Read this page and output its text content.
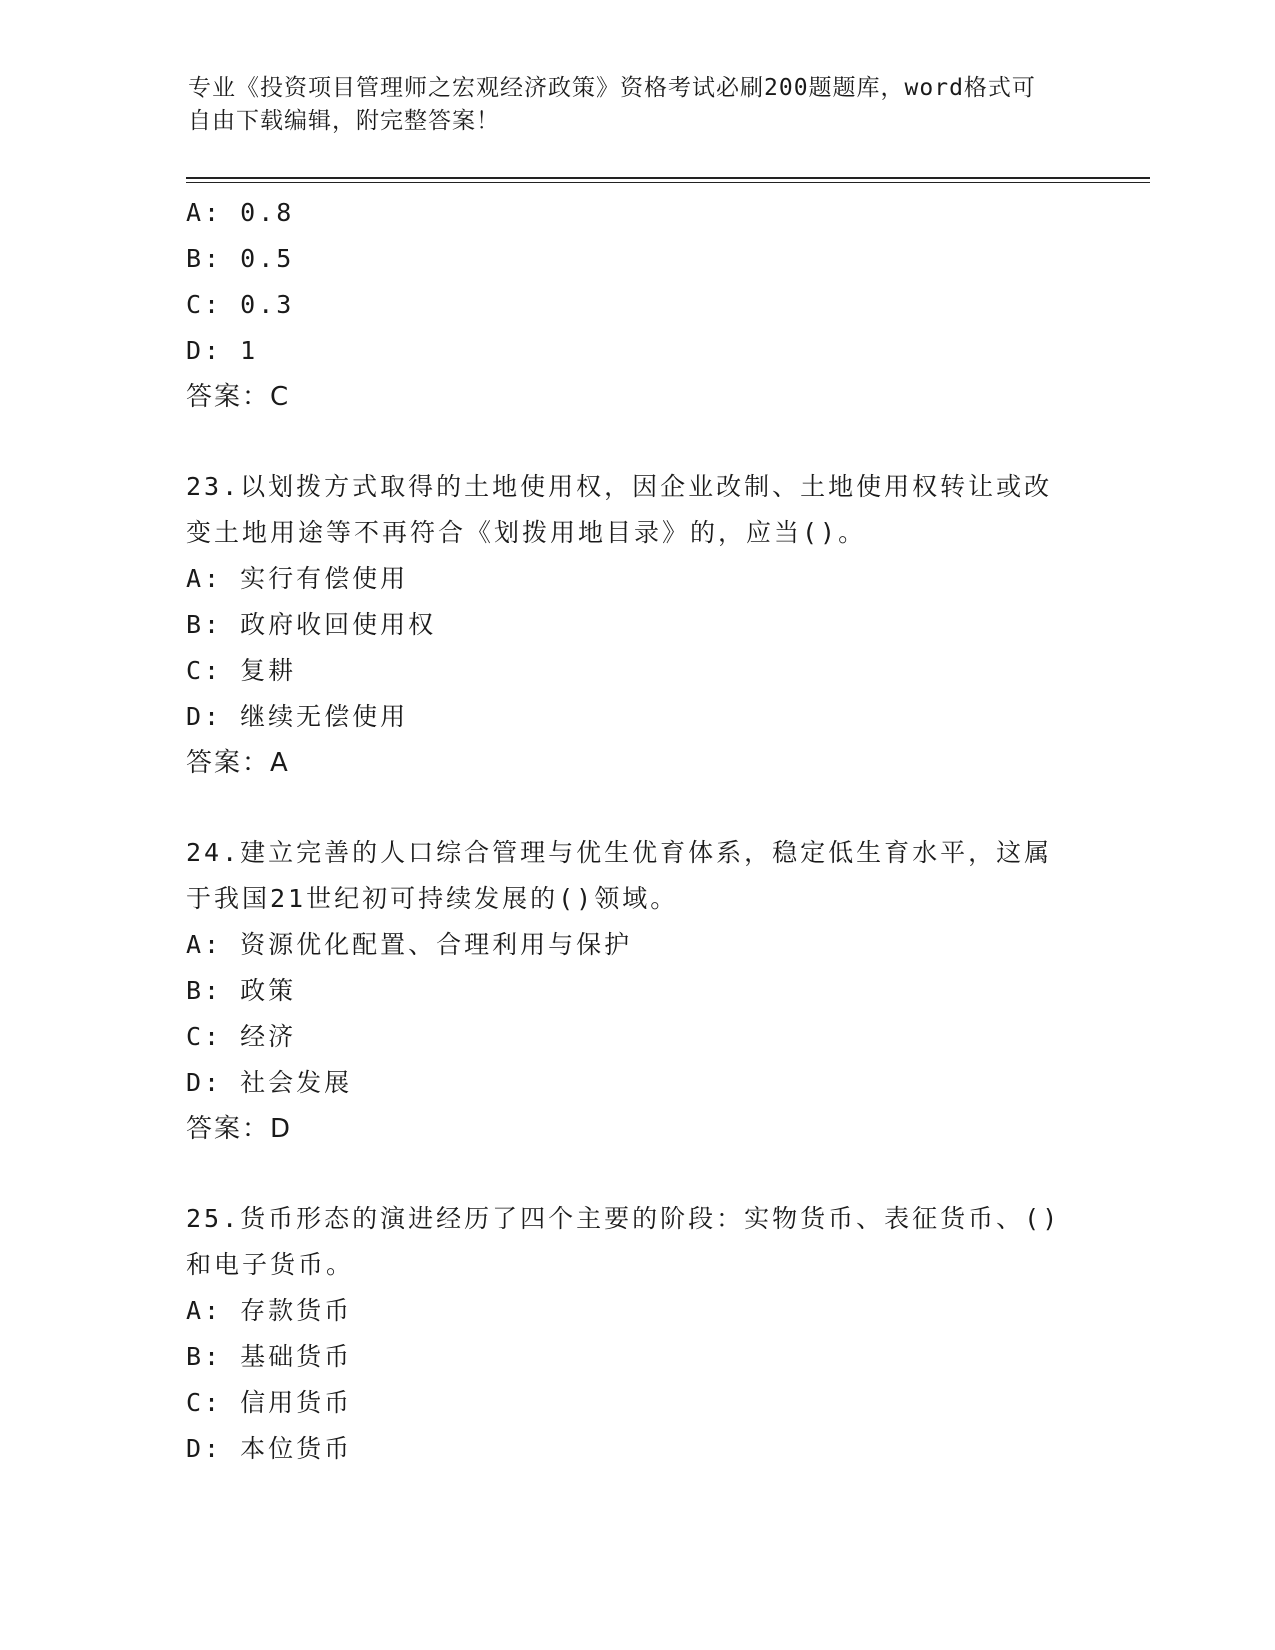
专业《投资项目管理师之宏观经济政策》资格考试必刷200题题库，word格式可

自由下载编辑，附完整答案！

A: 0.8
B: 0.5
C: 0.3
D: 1
答案：C
23.以划拨方式取得的土地使用权，因企业改制、土地使用权转让或改
变土地用途等不再符合《划拨用地目录》的，应当()。
A: 实行有偿使用
B: 政府收回使用权
C: 复耕
D: 继续无偿使用
答案：A
24.建立完善的人口综合管理与优生优育体系，稳定低生育水平，这属
于我国21世纪初可持续发展的()领域。
A: 资源优化配置、合理利用与保护
B: 政策
C: 经济
D: 社会发展
答案：D
25.货币形态的演进经历了四个主要的阶段：实物货币、表征货币、()
和电子货币。
A: 存款货币
B: 基础货币
C: 信用货币
D: 本位货币
